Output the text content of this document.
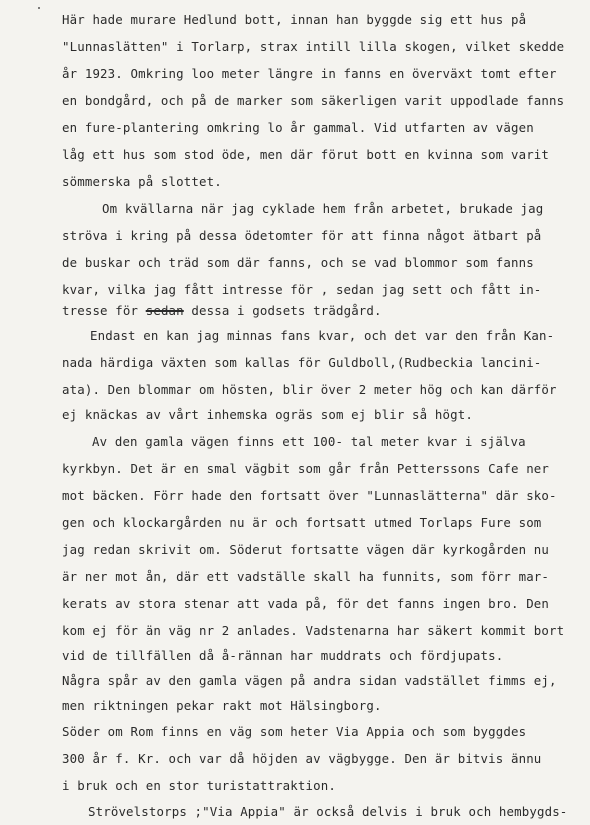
Här hade murare Hedlund bott, innan han byggde sig ett hus på
"Lunnaslätten" i Torlarp, strax intill lilla skogen, vilket skedde
år 1923. Omkring loo meter längre in fanns en överväxt tomt efter
en bondgård, och på de marker som säkerligen varit uppodlade fanns
en fure-plantering omkring lo år gammal. Vid utfarten av vägen
låg ett hus som stod öde, men där förut bott en kvinna som varit
sömmerska på slottet.
Om kvällarna när jag cyklade hem från arbetet, brukade jag
ströva i kring på dessa ödetomter för att finna något ätbart på
de buskar och träd som där fanns, och se vad blommor som fanns
kvar, vilka jag fått intresse för , sedan jag sett och fått in-
tresse för sedan dessa i godsets trädgård.
Endast en kan jag minnas fans kvar, och det var den från Kan-
nada härdiga växten som kallas för Guldboll,(Rudbeckia lancini-
ata). Den blommar om hösten, blir över 2 meter hög och kan därför
ej knäckas av vårt inhemska ogräs som ej blir så högt.
Av den gamla vägen finns ett 100- tal meter kvar i själva
kyrkbyn. Det är en smal vägbit som går från Petterssons Cafe ner
mot bäcken. Förr hade den fortsatt över "Lunnaslätterna" där sko-
gen och klockargården nu är och fortsatt utmed Torlaps Fure som
jag redan skrivit om. Söderut fortsatte vägen där kyrkogården nu
är ner mot ån, där ett vadställe skall ha funnits, som förr mar-
kerats av stora stenar att vada på, för det fanns ingen bro. Den
kom ej för än väg nr 2 anlades. Vadstenarna har säkert kommit bort
vid de tillfällen då å-rännan har muddrats och fördjupats.
Några spår av den gamla vägen på andra sidan vadstället fimms ej,
men riktningen pekar rakt mot Hälsingborg.
Söder om Rom finns en väg som heter Via Appia och som byggdes
300 år f. Kr. och var då höjden av vägbygge. Den är bitvis ännu
i bruk och en stor turistattraktion.
Strövelstorps ;"Via Appia" är också delvis i bruk och hembygds-
